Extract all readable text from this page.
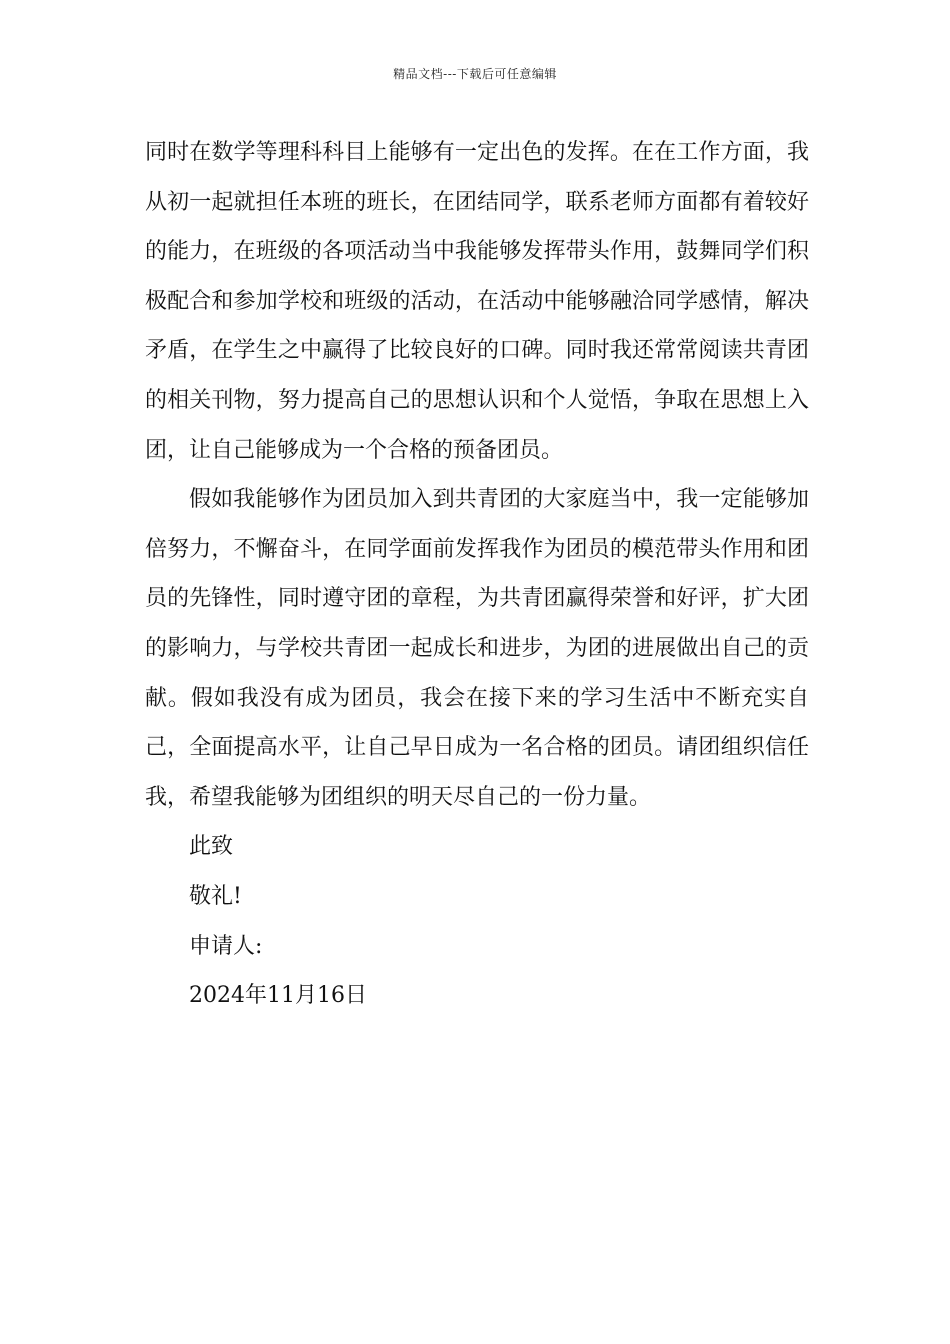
精品文档---下载后可任意编辑

同时在数学等理科科目上能够有一定出色的发挥。在在工作方面，我从初一起就担任本班的班长，在团结同学，联系老师方面都有着较好的能力，在班级的各项活动当中我能够发挥带头作用，鼓舞同学们积极配合和参加学校和班级的活动，在活动中能够融洽同学感情，解决矛盾，在学生之中赢得了比较良好的口碑。同时我还常常阅读共青团的相关刊物，努力提高自己的思想认识和个人觉悟，争取在思想上入团，让自己能够成为一个合格的预备团员。

假如我能够作为团员加入到共青团的大家庭当中，我一定能够加倍努力，不懈奋斗，在同学面前发挥我作为团员的模范带头作用和团员的先锋性，同时遵守团的章程，为共青团赢得荣誉和好评，扩大团的影响力，与学校共青团一起成长和进步，为团的进展做出自己的贡献。假如我没有成为团员，我会在接下来的学习生活中不断充实自己，全面提高水平，让自己早日成为一名合格的团员。请团组织信任我，希望我能够为团组织的明天尽自己的一份力量。

此致

敬礼!

申请人:

2024年11月16日
